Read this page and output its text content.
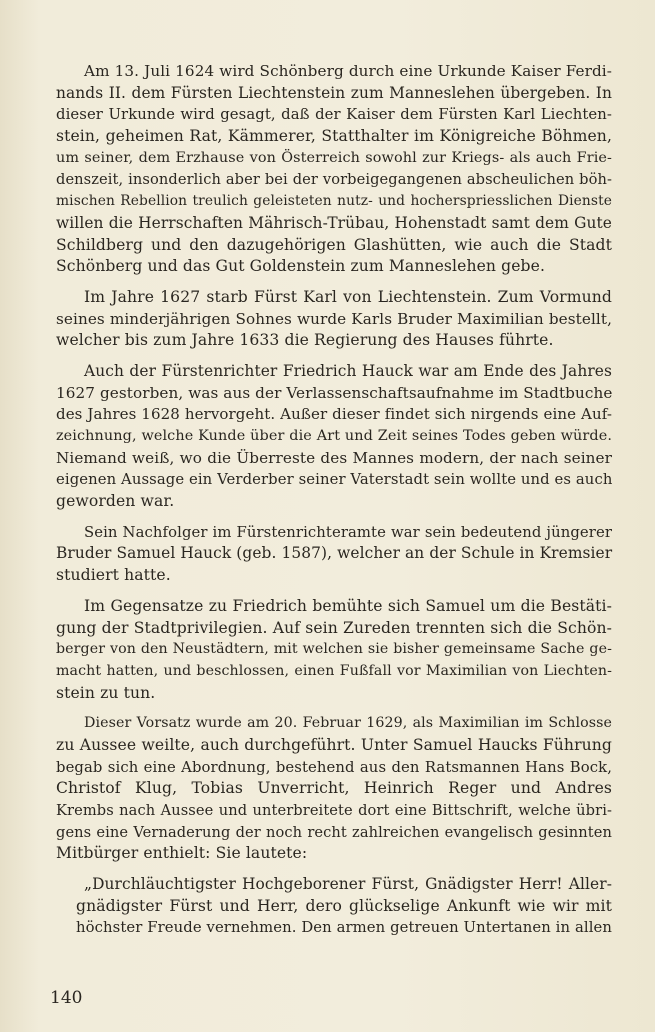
Am 13. Juli 1624 wird Schönberg durch eine Urkunde Kaiser Ferdi-
nands II. dem Fürsten Liechtenstein zum Manneslehen übergeben. In
dieser Urkunde wird gesagt, daß der Kaiser dem Fürsten Karl Liechten-
stein, geheimen Rat, Kämmerer, Statthalter im Königreiche Böhmen,
um seiner, dem Erzhause von Österreich sowohl zur Kriegs- als auch Frie-
denszeit, insonderlich aber bei der vorbeigegangenen abscheulichen böh-
mischen Rebellion treulich geleisteten nutz- und hocherspriesslichen Dienste
willen die Herrschaften Mährisch-Trübau, Hohenstadt samt dem Gute
Schildberg und den dazugehörigen Glashütten, wie auch die Stadt
Schönberg und das Gut Goldenstein zum Manneslehen gebe.
Im Jahre 1627 starb Fürst Karl von Liechtenstein. Zum Vormund
seines minderjährigen Sohnes wurde Karls Bruder Maximilian bestellt,
welcher bis zum Jahre 1633 die Regierung des Hauses führte.
Auch der Fürstenrichter Friedrich Hauck war am Ende des Jahres
1627 gestorben, was aus der Verlassenschaftsaufnahme im Stadtbuche
des Jahres 1628 hervorgeht. Außer dieser findet sich nirgends eine Auf-
zeichnung, welche Kunde über die Art und Zeit seines Todes geben würde.
Niemand weiß, wo die Überreste des Mannes modern, der nach seiner
eigenen Aussage ein Verderber seiner Vaterstadt sein wollte und es auch
geworden war.
Sein Nachfolger im Fürstenrichteramte war sein bedeutend jüngerer
Bruder Samuel Hauck (geb. 1587), welcher an der Schule in Kremsier
studiert hatte.
Im Gegensatze zu Friedrich bemühte sich Samuel um die Bestäti-
gung der Stadtprivilegien. Auf sein Zureden trennten sich die Schön-
berger von den Neustädtern, mit welchen sie bisher gemeinsame Sache ge-
macht hatten, und beschlossen, einen Fußfall vor Maximilian von Liechten-
stein zu tun.
Dieser Vorsatz wurde am 20. Februar 1629, als Maximilian im Schlosse
zu Aussee weilte, auch durchgeführt. Unter Samuel Haucks Führung
begab sich eine Abordnung, bestehend aus den Ratsmannen Hans Bock,
Christof Klug, Tobias Unverricht, Heinrich Reger und Andres
Krembs nach Aussee und unterbreitete dort eine Bittschrift, welche übri-
gens eine Vernaderung der noch recht zahlreichen evangelisch gesinnten
Mitbürger enthielt: Sie lautete:
„Durchläuchtigster Hochgeborener Fürst, Gnädigster Herr! Aller-
gnädigster Fürst und Herr, dero glückselige Ankunft wie wir mit
höchster Freude vernehmen. Den armen getreuen Untertanen in allen
140
